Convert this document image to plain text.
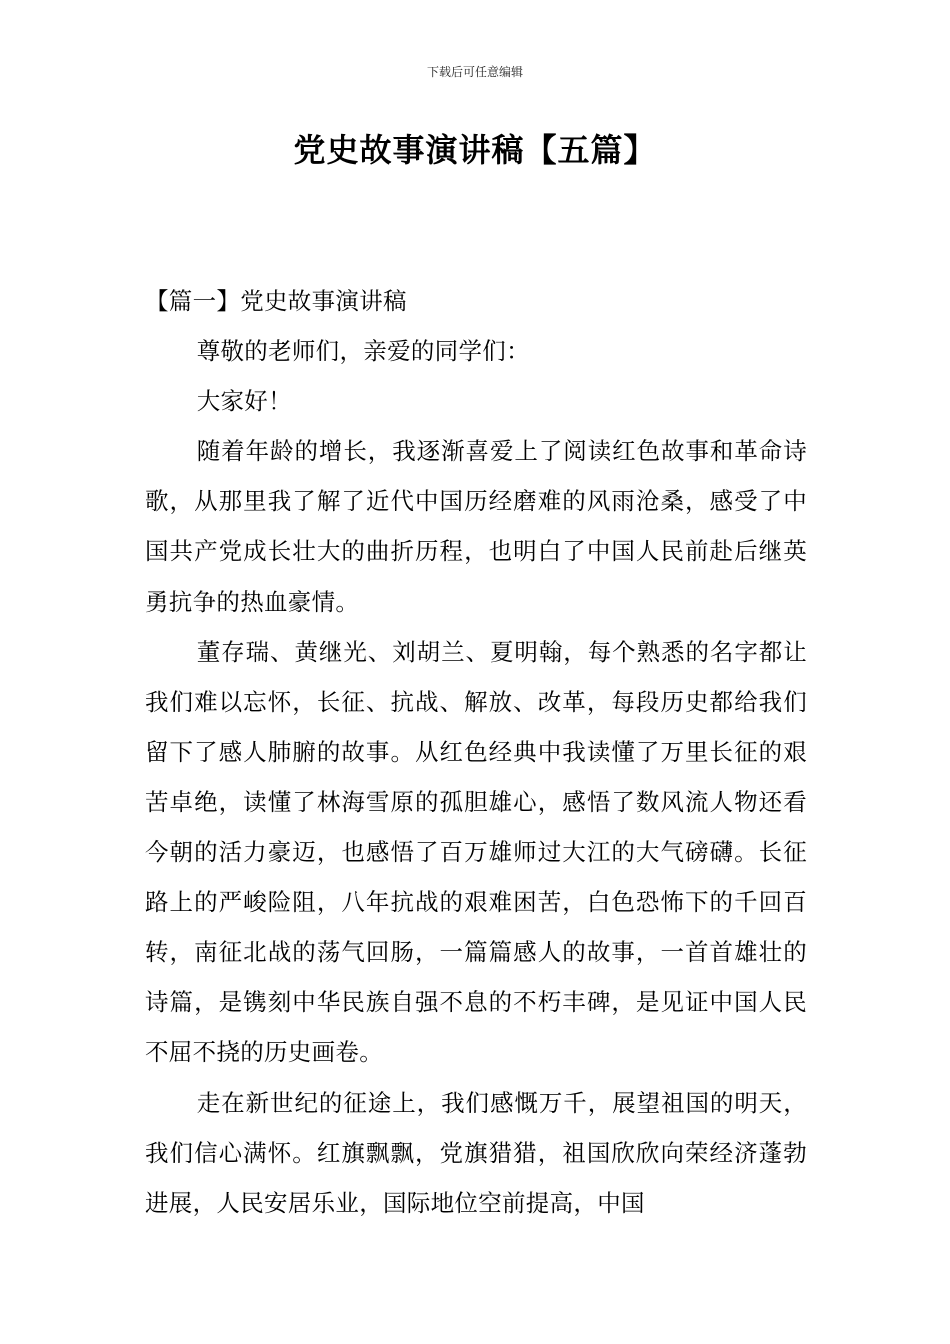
下载后可任意编辑
党史故事演讲稿【五篇】

【篇一】党史故事演讲稿

尊敬的老师们，亲爱的同学们：

大家好！

随着年龄的增长，我逐渐喜爱上了阅读红色故事和革命诗歌，从那里我了解了近代中国历经磨难的风雨沧桑，感受了中国共产党成长壮大的曲折历程，也明白了中国人民前赴后继英勇抗争的热血豪情。

董存瑞、黄继光、刘胡兰、夏明翰，每个熟悉的名字都让我们难以忘怀，长征、抗战、解放、改革，每段历史都给我们留下了感人肺腑的故事。从红色经典中我读懂了万里长征的艰苦卓绝，读懂了林海雪原的孤胆雄心，感悟了数风流人物还看今朝的活力豪迈，也感悟了百万雄师过大江的大气磅礴。长征路上的严峻险阻，八年抗战的艰难困苦，白色恐怖下的千回百转，南征北战的荡气回肠，一篇篇感人的故事，一首首雄壮的诗篇，是镌刻中华民族自强不息的不朽丰碑，是见证中国人民不屈不挠的历史画卷。

走在新世纪的征途上，我们感慨万千，展望祖国的明天，我们信心满怀。红旗飘飘，党旗猎猎，祖国欣欣向荣经济蓬勃进展，人民安居乐业，国际地位空前提高，中国
